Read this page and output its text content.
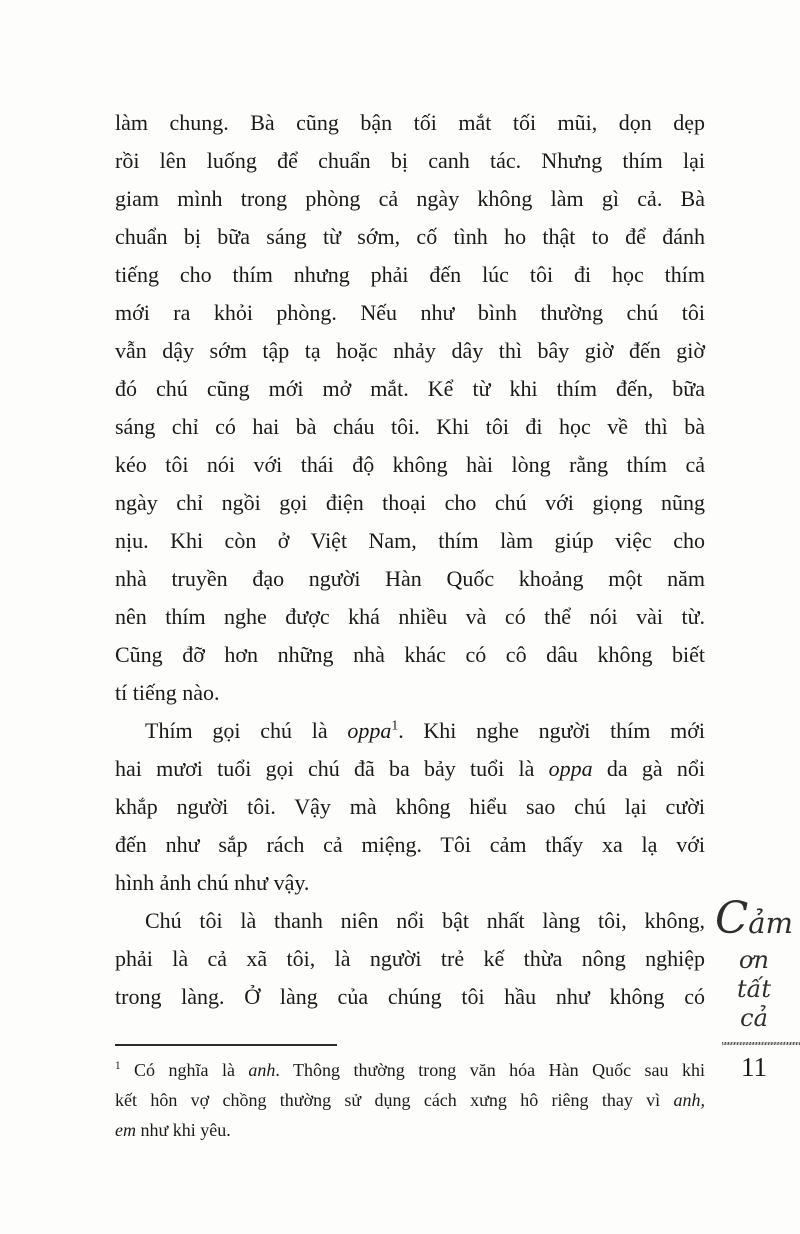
làm chung. Bà cũng bận tối mắt tối mũi, dọn dẹp
rồi lên luống để chuẩn bị canh tác. Nhưng thím lại
giam mình trong phòng cả ngày không làm gì cả. Bà
chuẩn bị bữa sáng từ sớm, cố tình ho thật to để đánh
tiếng cho thím nhưng phải đến lúc tôi đi học thím
mới ra khỏi phòng. Nếu như bình thường chú tôi
vẫn dậy sớm tập tạ hoặc nhảy dây thì bây giờ đến giờ
đó chú cũng mới mở mắt. Kể từ khi thím đến, bữa
sáng chỉ có hai bà cháu tôi. Khi tôi đi học về thì bà
kéo tôi nói với thái độ không hài lòng rằng thím cả
ngày chỉ ngồi gọi điện thoại cho chú với giọng nũng
nịu. Khi còn ở Việt Nam, thím làm giúp việc cho
nhà truyền đạo người Hàn Quốc khoảng một năm
nên thím nghe được khá nhiều và có thể nói vài từ.
Cũng đỡ hơn những nhà khác có cô dâu không biết
tí tiếng nào.
Thím gọi chú là oppa$^1$. Khi nghe người thím mới
hai mươi tuổi gọi chú đã ba bảy tuổi là oppa da gà nổi
khắp người tôi. Vậy mà không hiểu sao chú lại cười
đến như sắp rách cả miệng. Tôi cảm thấy xa lạ với
hình ảnh chú như vậy.
Chú tôi là thanh niên nổi bật nhất làng tôi, không,
phải là cả xã tôi, là người trẻ kế thừa nông nghiệp
trong làng. Ở làng của chúng tôi hầu như không có
$^1$ Có nghĩa là anh. Thông thường trong văn hóa Hàn Quốc sau khi
kết hôn vợ chồng thường sử dụng cách xưng hô riêng thay vì anh,
em như khi yêu.
Cảm
ơn
tất
cả
11
